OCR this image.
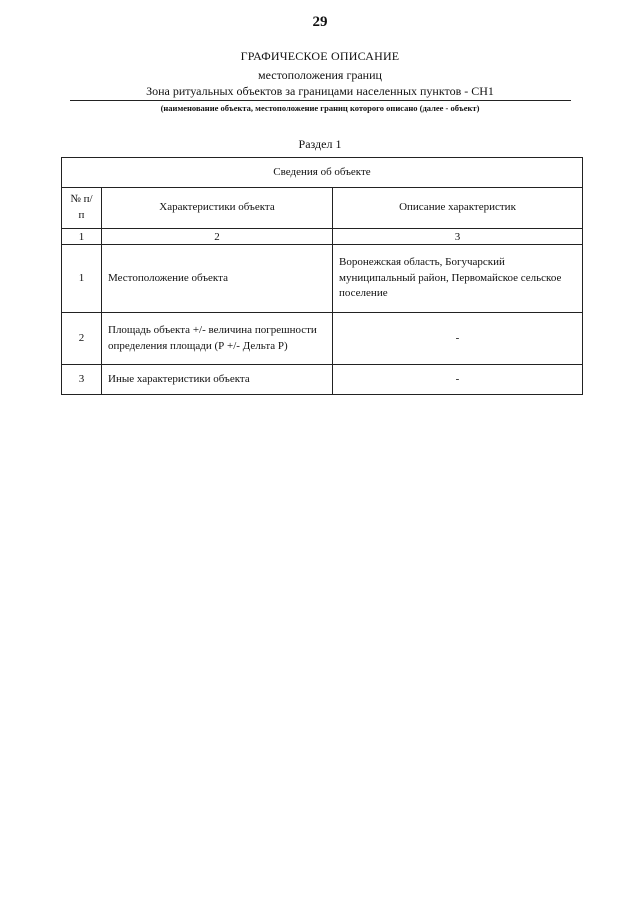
29
ГРАФИЧЕСКОЕ ОПИСАНИЕ
местоположения границ
Зона ритуальных объектов за границами населенных пунктов - СН1
(наименование объекта, местоположение границ которого описано (далее - объект)
Раздел 1
Сведения об объекте		
№ п/п	Характеристики объекта	Описание характеристик
1	2	3
1	Местоположение объекта	Воронежская область, Богучарский муниципальный район, Первомайское сельское поселение
2	Площадь объекта +/- величина погрешности определения площади (Р +/- Дельта Р)	-
3	Иные характеристики объекта	-
